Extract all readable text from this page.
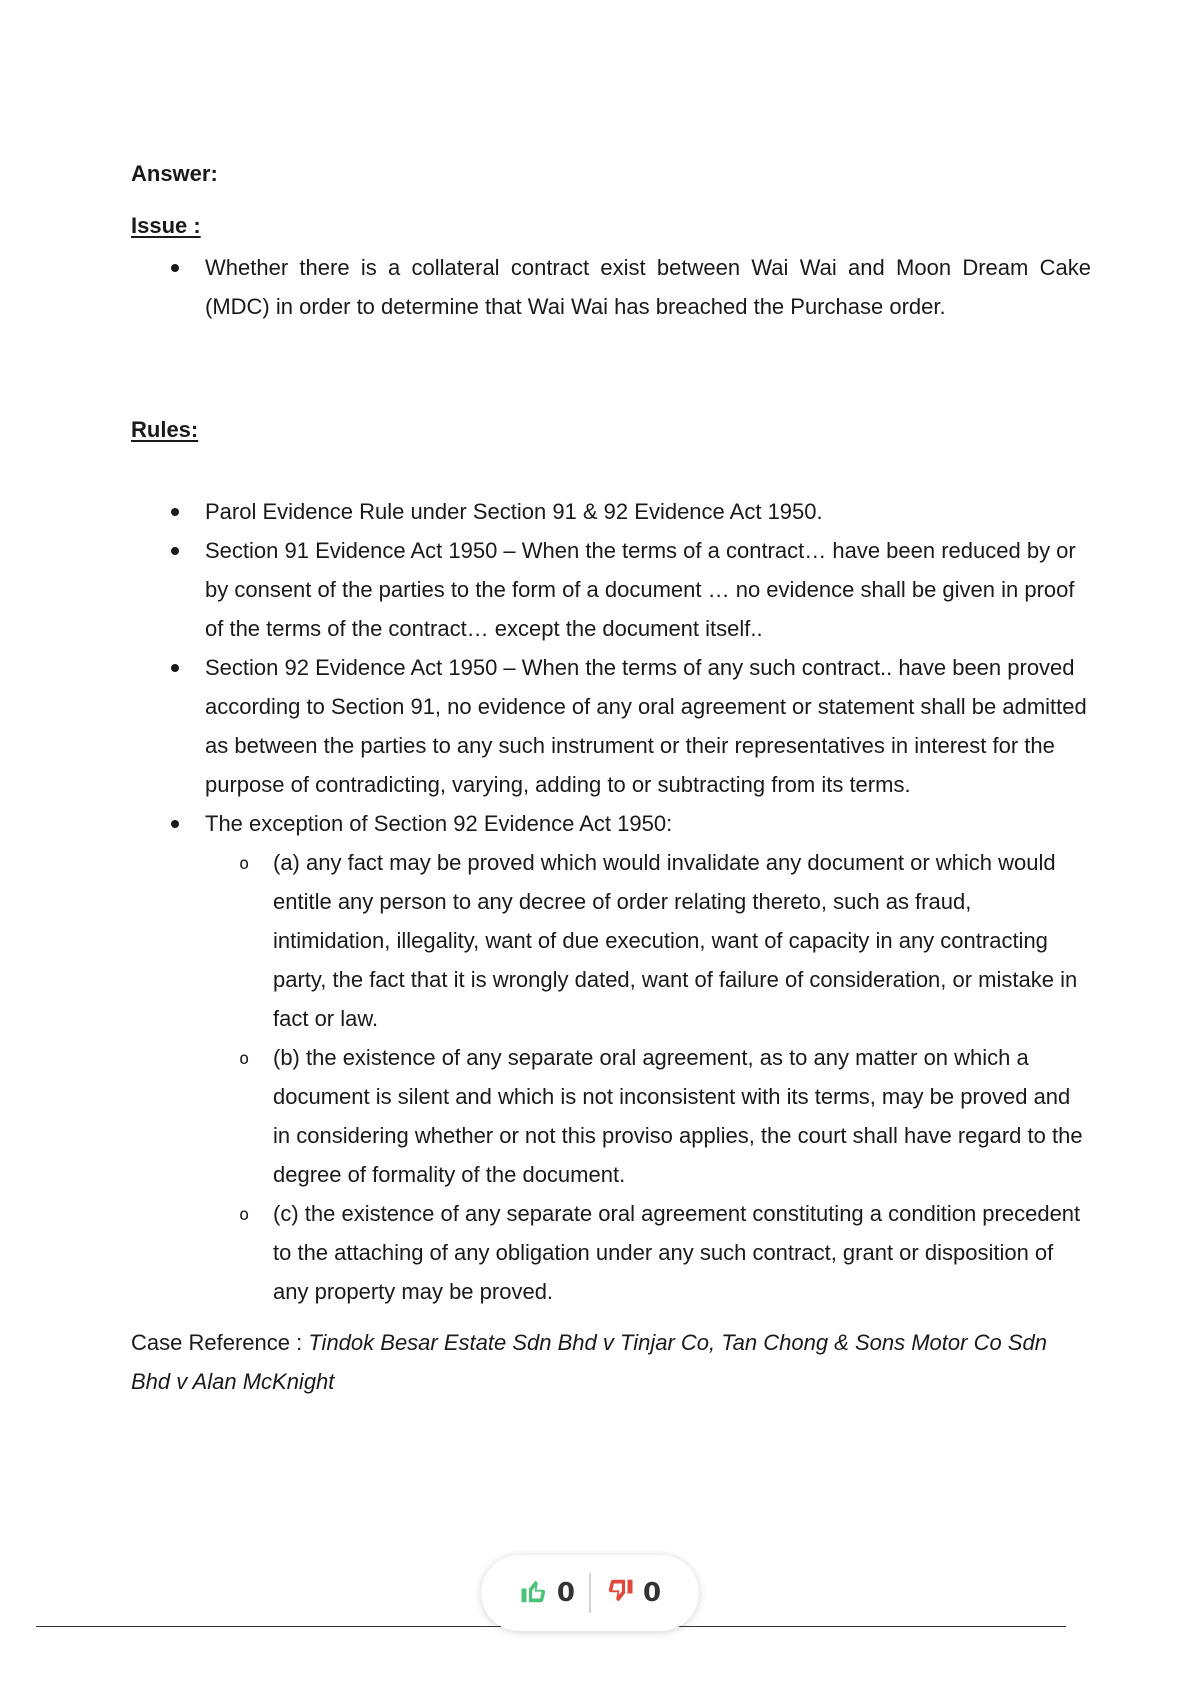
Answer:

Issue :

Whether there is a collateral contract exist between Wai Wai and Moon Dream Cake (MDC) in order to determine that Wai Wai has breached the Purchase order.

Rules:

Parol Evidence Rule under Section 91 & 92 Evidence Act 1950.
Section 91 Evidence Act 1950 – When the terms of a contract… have been reduced by or by consent of the parties to the form of a document … no evidence shall be given in proof of the terms of the contract… except the document itself..
Section 92 Evidence Act 1950 – When the terms of any such contract.. have been proved according to Section 91, no evidence of any oral agreement or statement shall be admitted as between the parties to any such instrument or their representatives in interest for the purpose of contradicting, varying, adding to or subtracting from its terms.
The exception of Section 92 Evidence Act 1950:
o (a) any fact may be proved which would invalidate any document or which would entitle any person to any decree of order relating thereto, such as fraud, intimidation, illegality, want of due execution, want of capacity in any contracting party, the fact that it is wrongly dated, want of failure of consideration, or mistake in fact or law.
o (b) the existence of any separate oral agreement, as to any matter on which a document is silent and which is not inconsistent with its terms, may be proved and in considering whether or not this proviso applies, the court shall have regard to the degree of formality of the document.
o (c) the existence of any separate oral agreement constituting a condition precedent to the attaching of any obligation under any such contract, grant or disposition of any property may be proved.

Case Reference : Tindok Besar Estate Sdn Bhd v Tinjar Co, Tan Chong & Sons Motor Co Sdn Bhd v Alan McKnight

0	0
